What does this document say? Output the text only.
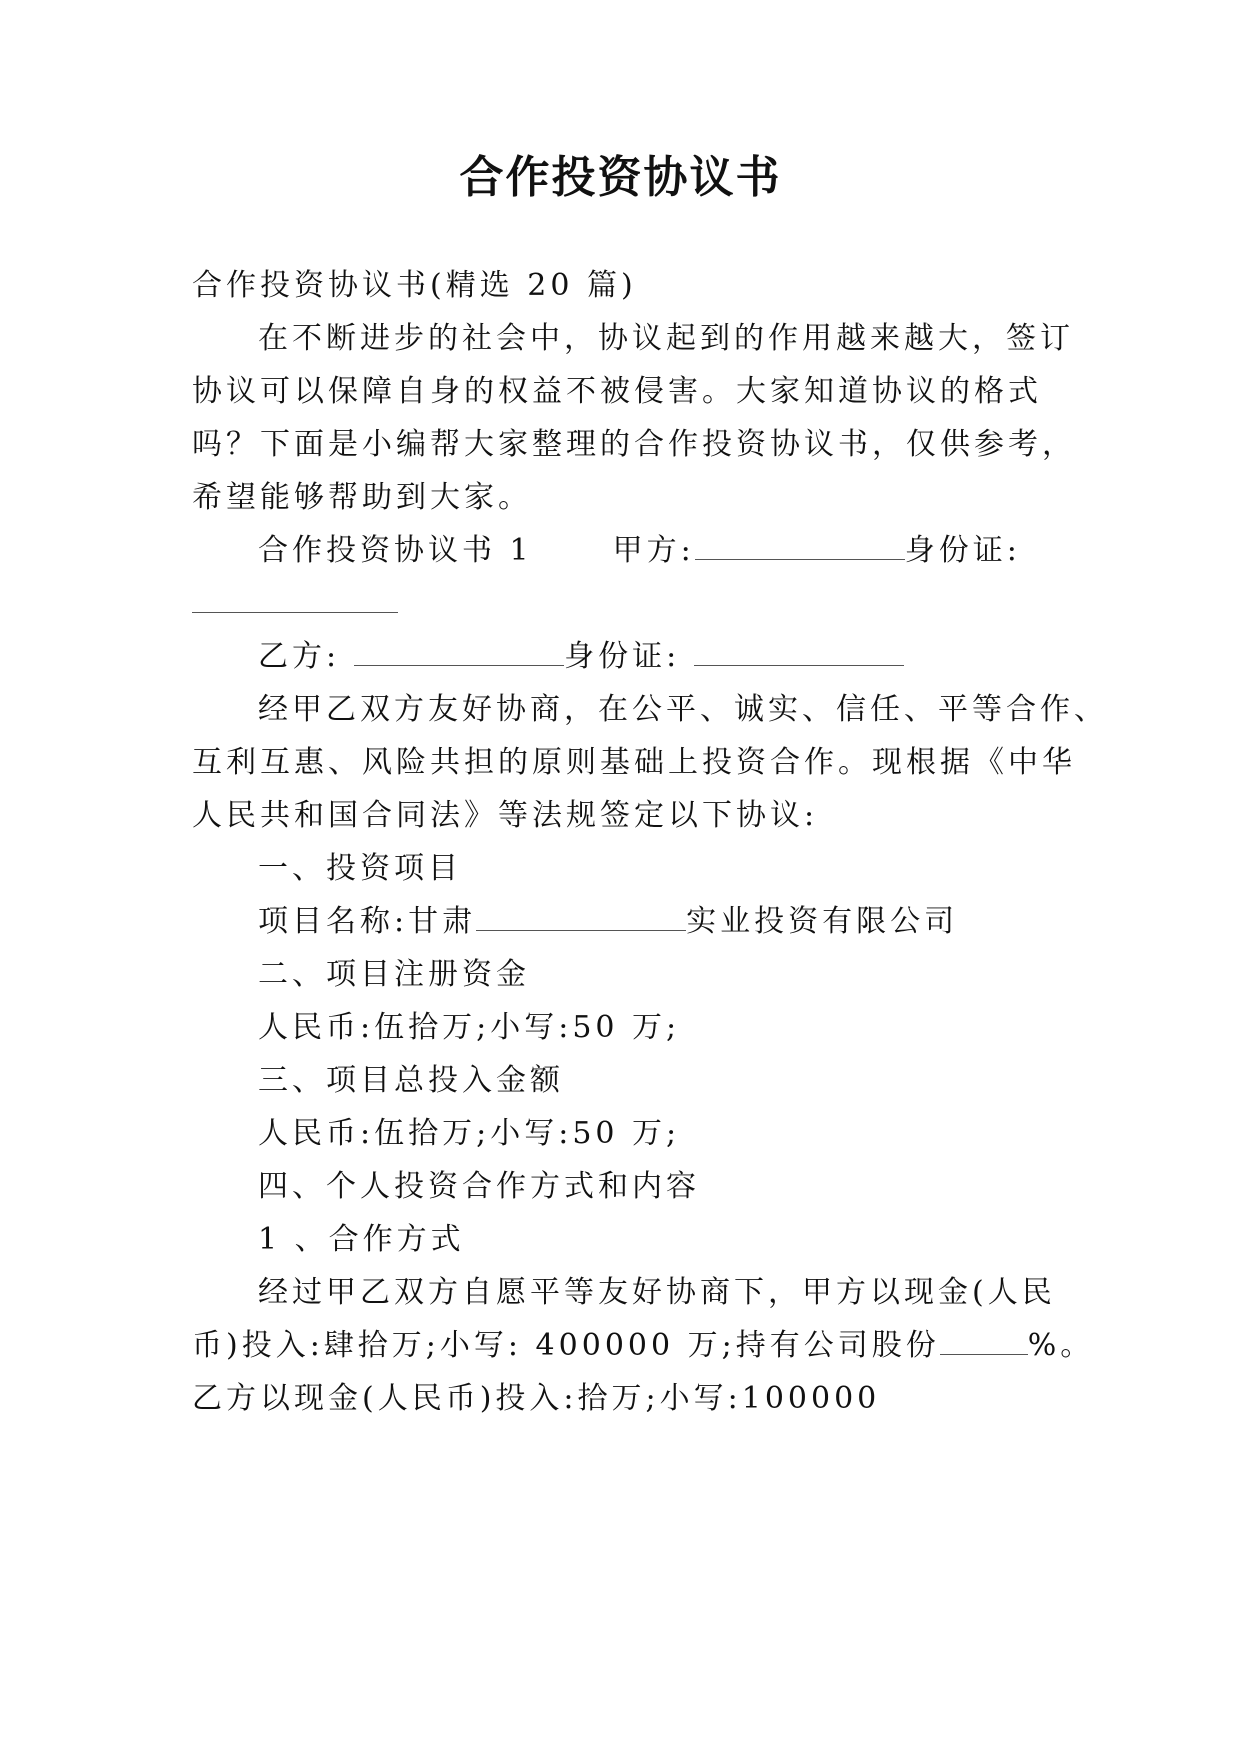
合作投资协议书
合作投资协议书(精选 20 篇)
在不断进步的社会中，协议起到的作用越来越大，签订
协议可以保障自身的权益不被侵害。大家知道协议的格式
吗？下面是小编帮大家整理的合作投资协议书，仅供参考，
希望能够帮助到大家。
合作投资协议书 1	甲方:	身份证:
乙方:	身份证:
经甲乙双方友好协商，在公平、诚实、信任、平等合作、
互利互惠、风险共担的原则基础上投资合作。现根据《中华
人民共和国合同法》等法规签定以下协议:
一、投资项目
项目名称:甘肃	实业投资有限公司
二、项目注册资金
人民币:伍拾万;小写:50 万;
三、项目总投入金额
人民币:伍拾万;小写:50 万;
四、个人投资合作方式和内容
1 、合作方式
经过甲乙双方自愿平等友好协商下，甲方以现金(人民
币)投入:肆拾万;小写: 400000 万;持有公司股份	%。
乙方以现金(人民币)投入:拾万;小写:100000
